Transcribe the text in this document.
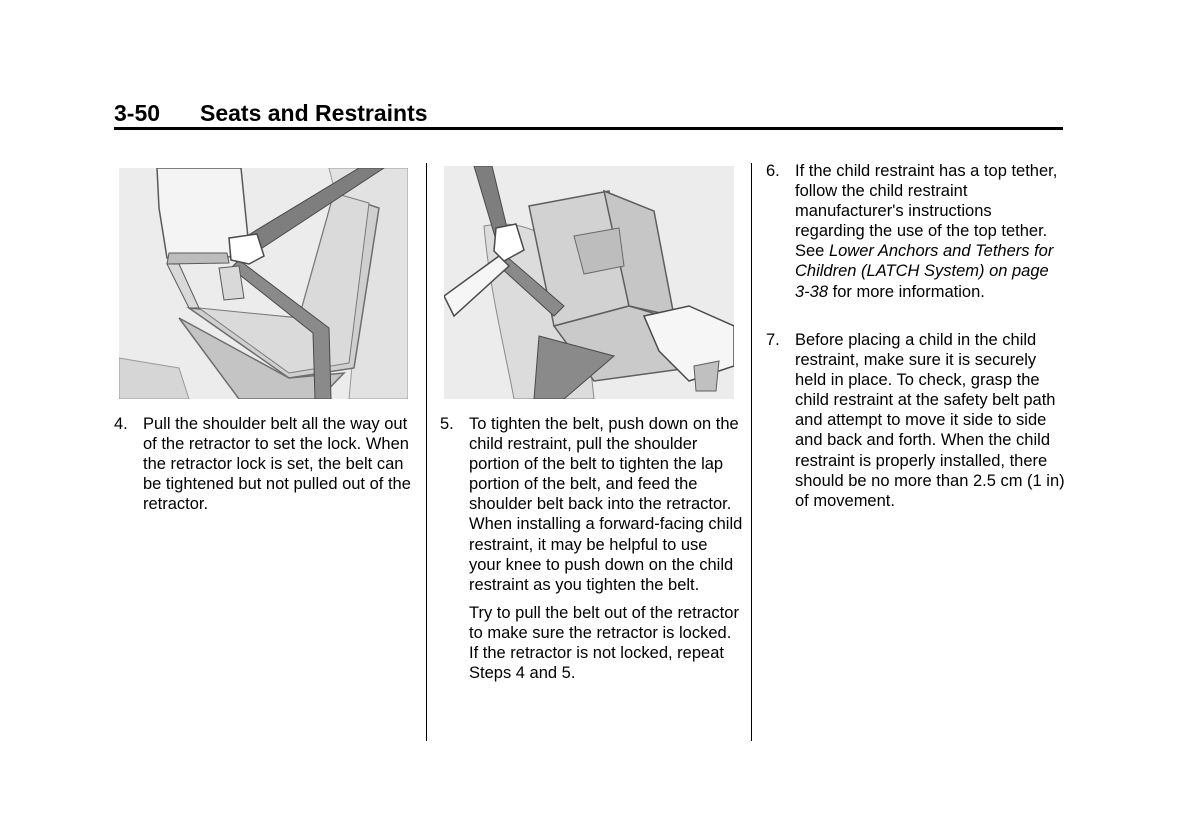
3-50 Seats and Restraints
4. Pull the shoulder belt all the way out of the retractor to set the lock. When the retractor lock is set, the belt can be tightened but not pulled out of the retractor.

5. To tighten the belt, push down on the child restraint, pull the shoulder portion of the belt to tighten the lap portion of the belt, and feed the shoulder belt back into the retractor. When installing a forward-facing child restraint, it may be helpful to use your knee to push down on the child restraint as you tighten the belt.

Try to pull the belt out of the retractor to make sure the retractor is locked. If the retractor is not locked, repeat Steps 4 and 5.

6. If the child restraint has a top tether, follow the child restraint manufacturer's instructions regarding the use of the top tether. See Lower Anchors and Tethers for Children (LATCH System) on page 3-38 for more information.

7. Before placing a child in the child restraint, make sure it is securely held in place. To check, grasp the child restraint at the safety belt path and attempt to move it side to side and back and forth. When the child restraint is properly installed, there should be no more than 2.5 cm (1 in) of movement.
